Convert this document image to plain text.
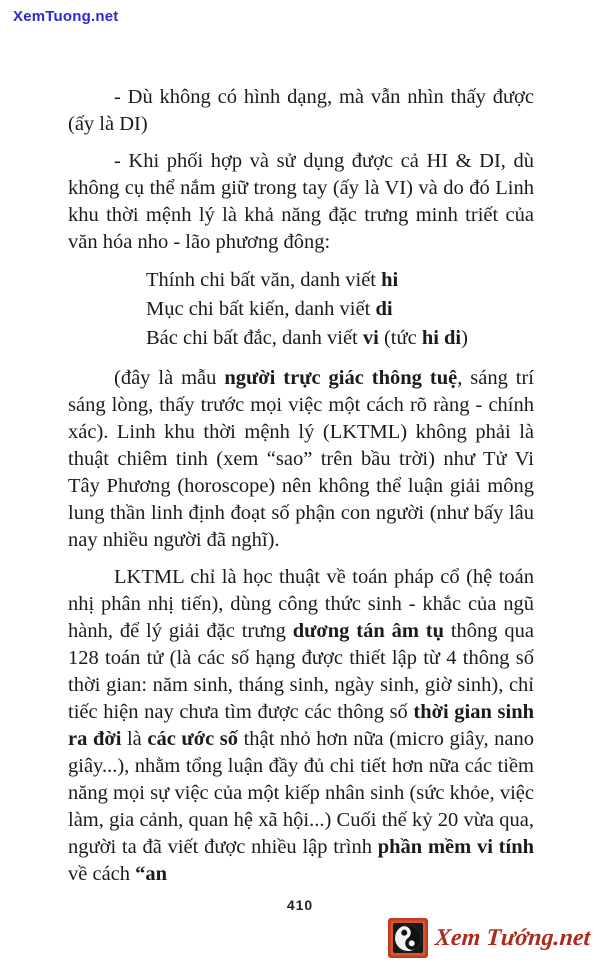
XemTuong.net

- Dù không có hình dạng, mà vẫn nhìn thấy được (ấy là DI)

- Khi phối hợp và sử dụng được cả HI & DI, dù không cụ thể nắm giữ trong tay (ấy là VI) và do đó Linh khu thời mệnh lý là khả năng đặc trưng minh triết của văn hóa nho - lão phương đông:

Thính chi bất văn, danh viết hi
Mục chi bất kiến, danh viết di
Bác chi bất đắc, danh viết vi (tức hi di)

(đây là mẫu người trực giác thông tuệ, sáng trí sáng lòng, thấy trước mọi việc một cách rõ ràng - chính xác). Linh khu thời mệnh lý (LKTML) không phải là thuật chiêm tinh (xem “sao” trên bầu trời) như Tử Vi Tây Phương (horoscope) nên không thể luận giải mông lung thần linh định đoạt số phận con người (như bấy lâu nay nhiều người đã nghĩ).

LKTML chỉ là học thuật về toán pháp cổ (hệ toán nhị phân nhị tiến), dùng công thức sinh - khắc của ngũ hành, để lý giải đặc trưng dương tán âm tụ thông qua 128 toán tử (là các số hạng được thiết lập từ 4 thông số thời gian: năm sinh, tháng sinh, ngày sinh, giờ sinh), chỉ tiếc hiện nay chưa tìm được các thông số thời gian sinh ra đời là các ước số thật nhỏ hơn nữa (micro giây, nano giây...), nhằm tổng luận đầy đủ chi tiết hơn nữa các tiềm năng mọi sự việc của một kiếp nhân sinh (sức khỏe, việc làm, gia cảnh, quan hệ xã hội...) Cuối thế kỷ 20 vừa qua, người ta đã viết được nhiều lập trình phần mềm vi tính về cách “an

410
Xem Tướng.net
